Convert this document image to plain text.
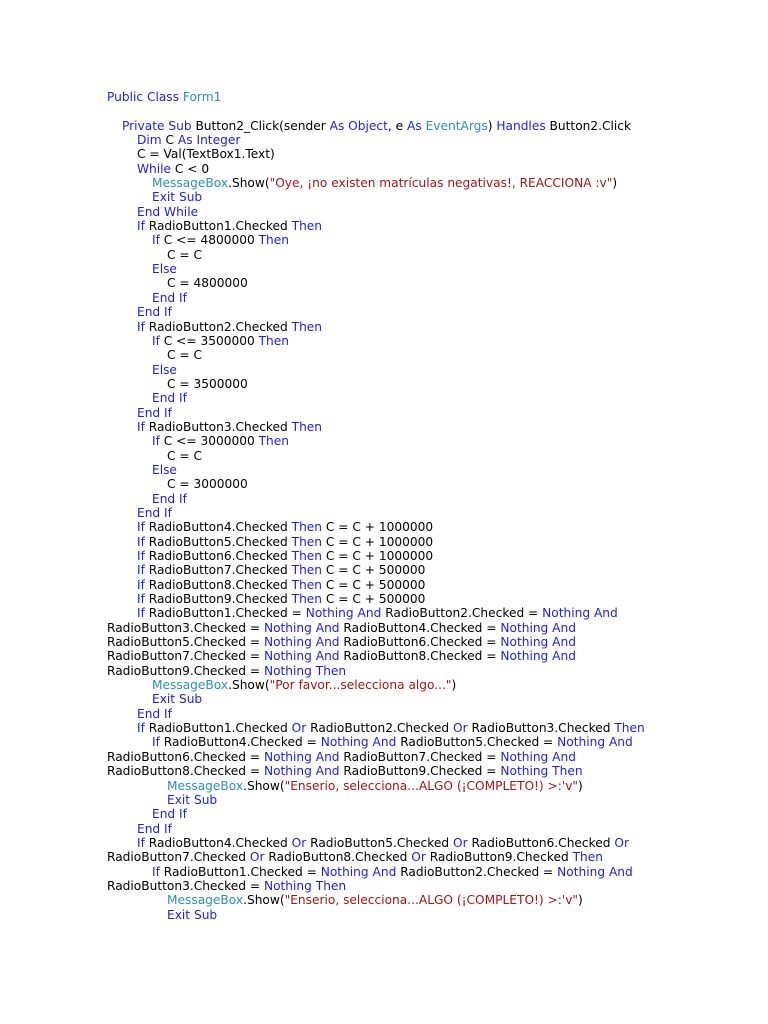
Public Class Form1
Private Sub Button2_Click(sender As Object, e As EventArgs) Handles Button2.Click
Dim C As Integer
C = Val(TextBox1.Text)
While C < 0
MessageBox.Show("Oye, ¡no existen matrículas negativas!, REACCIONA :v")
Exit Sub
End While
If RadioButton1.Checked Then
If C <= 4800000 Then
C = C
Else
C = 4800000
End If
End If
If RadioButton2.Checked Then
If C <= 3500000 Then
C = C
Else
C = 3500000
End If
End If
If RadioButton3.Checked Then
If C <= 3000000 Then
C = C
Else
C = 3000000
End If
End If
If RadioButton4.Checked Then C = C + 1000000
If RadioButton5.Checked Then C = C + 1000000
If RadioButton6.Checked Then C = C + 1000000
If RadioButton7.Checked Then C = C + 500000
If RadioButton8.Checked Then C = C + 500000
If RadioButton9.Checked Then C = C + 500000
If RadioButton1.Checked = Nothing And RadioButton2.Checked = Nothing And
RadioButton3.Checked = Nothing And RadioButton4.Checked = Nothing And
RadioButton5.Checked = Nothing And RadioButton6.Checked = Nothing And
RadioButton7.Checked = Nothing And RadioButton8.Checked = Nothing And
RadioButton9.Checked = Nothing Then
MessageBox.Show("Por favor...selecciona algo...")
Exit Sub
End If
If RadioButton1.Checked Or RadioButton2.Checked Or RadioButton3.Checked Then
If RadioButton4.Checked = Nothing And RadioButton5.Checked = Nothing And
RadioButton6.Checked = Nothing And RadioButton7.Checked = Nothing And
RadioButton8.Checked = Nothing And RadioButton9.Checked = Nothing Then
MessageBox.Show("Enserio, selecciona...ALGO (¡COMPLETO!) >:'v")
Exit Sub
End If
End If
If RadioButton4.Checked Or RadioButton5.Checked Or RadioButton6.Checked Or
RadioButton7.Checked Or RadioButton8.Checked Or RadioButton9.Checked Then
If RadioButton1.Checked = Nothing And RadioButton2.Checked = Nothing And
RadioButton3.Checked = Nothing Then
MessageBox.Show("Enserio, selecciona...ALGO (¡COMPLETO!) >:'v")
Exit Sub
